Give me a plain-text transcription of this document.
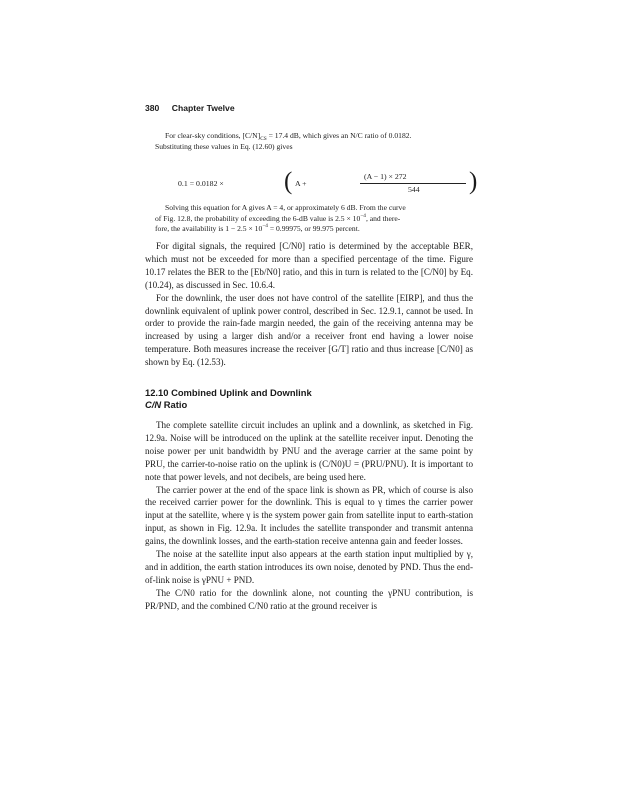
380 Chapter Twelve

For clear-sky conditions, $[C/N]_{CS} = 17.4$ dB, which gives an N/C ratio of 0.0182.

Substituting these values in Eq. (12.60) gives

0.1 = 0.0182 × ( A +
(A − 1) × 272
544 )

Solving this equation for A gives A = 4, or approximately 6 dB. From the curve

of Fig. 12.8, the probability of exceeding the 6-dB value is $2.5 \times 10^{-4}$, and there-

fore, the availability is $1 - 2.5 \times 10^{-4} = 0.99975$, or 99.975 percent.

For digital signals, the required [C/N0] ratio is determined by the acceptable BER, which must not be exceeded for more than a specified percentage of the time. Figure 10.17 relates the BER to the [Eb/N0] ratio, and this in turn is related to the [C/N0] by Eq. (10.24), as discussed in Sec. 10.6.4.

For the downlink, the user does not have control of the satellite [EIRP], and thus the downlink equivalent of uplink power control, described in Sec. 12.9.1, cannot be used. In order to provide the rain-fade margin needed, the gain of the receiving antenna may be increased by using a larger dish and/or a receiver front end having a lower noise temperature. Both measures increase the receiver [G/T] ratio and thus increase [C/N0] as shown by Eq. (12.53).

12.10 Combined Uplink and Downlink
C/N Ratio

The complete satellite circuit includes an uplink and a downlink, as sketched in Fig. 12.9a. Noise will be introduced on the uplink at the satellite receiver input. Denoting the noise power per unit bandwidth by PNU and the average carrier at the same point by PRU, the carrier-to-noise ratio on the uplink is (C/N0)U = (PRU/PNU). It is important to note that power levels, and not decibels, are being used here.

The carrier power at the end of the space link is shown as PR, which of course is also the received carrier power for the downlink. This is equal to γ times the carrier power input at the satellite, where γ is the system power gain from satellite input to earth-station input, as shown in Fig. 12.9a. It includes the satellite transponder and transmit antenna gains, the downlink losses, and the earth-station receive antenna gain and feeder losses.

The noise at the satellite input also appears at the earth station input multiplied by γ, and in addition, the earth station introduces its own noise, denoted by PND. Thus the end-of-link noise is γPNU + PND.

The C/N0 ratio for the downlink alone, not counting the γPNU contribution, is PR/PND, and the combined C/N0 ratio at the ground receiver is
